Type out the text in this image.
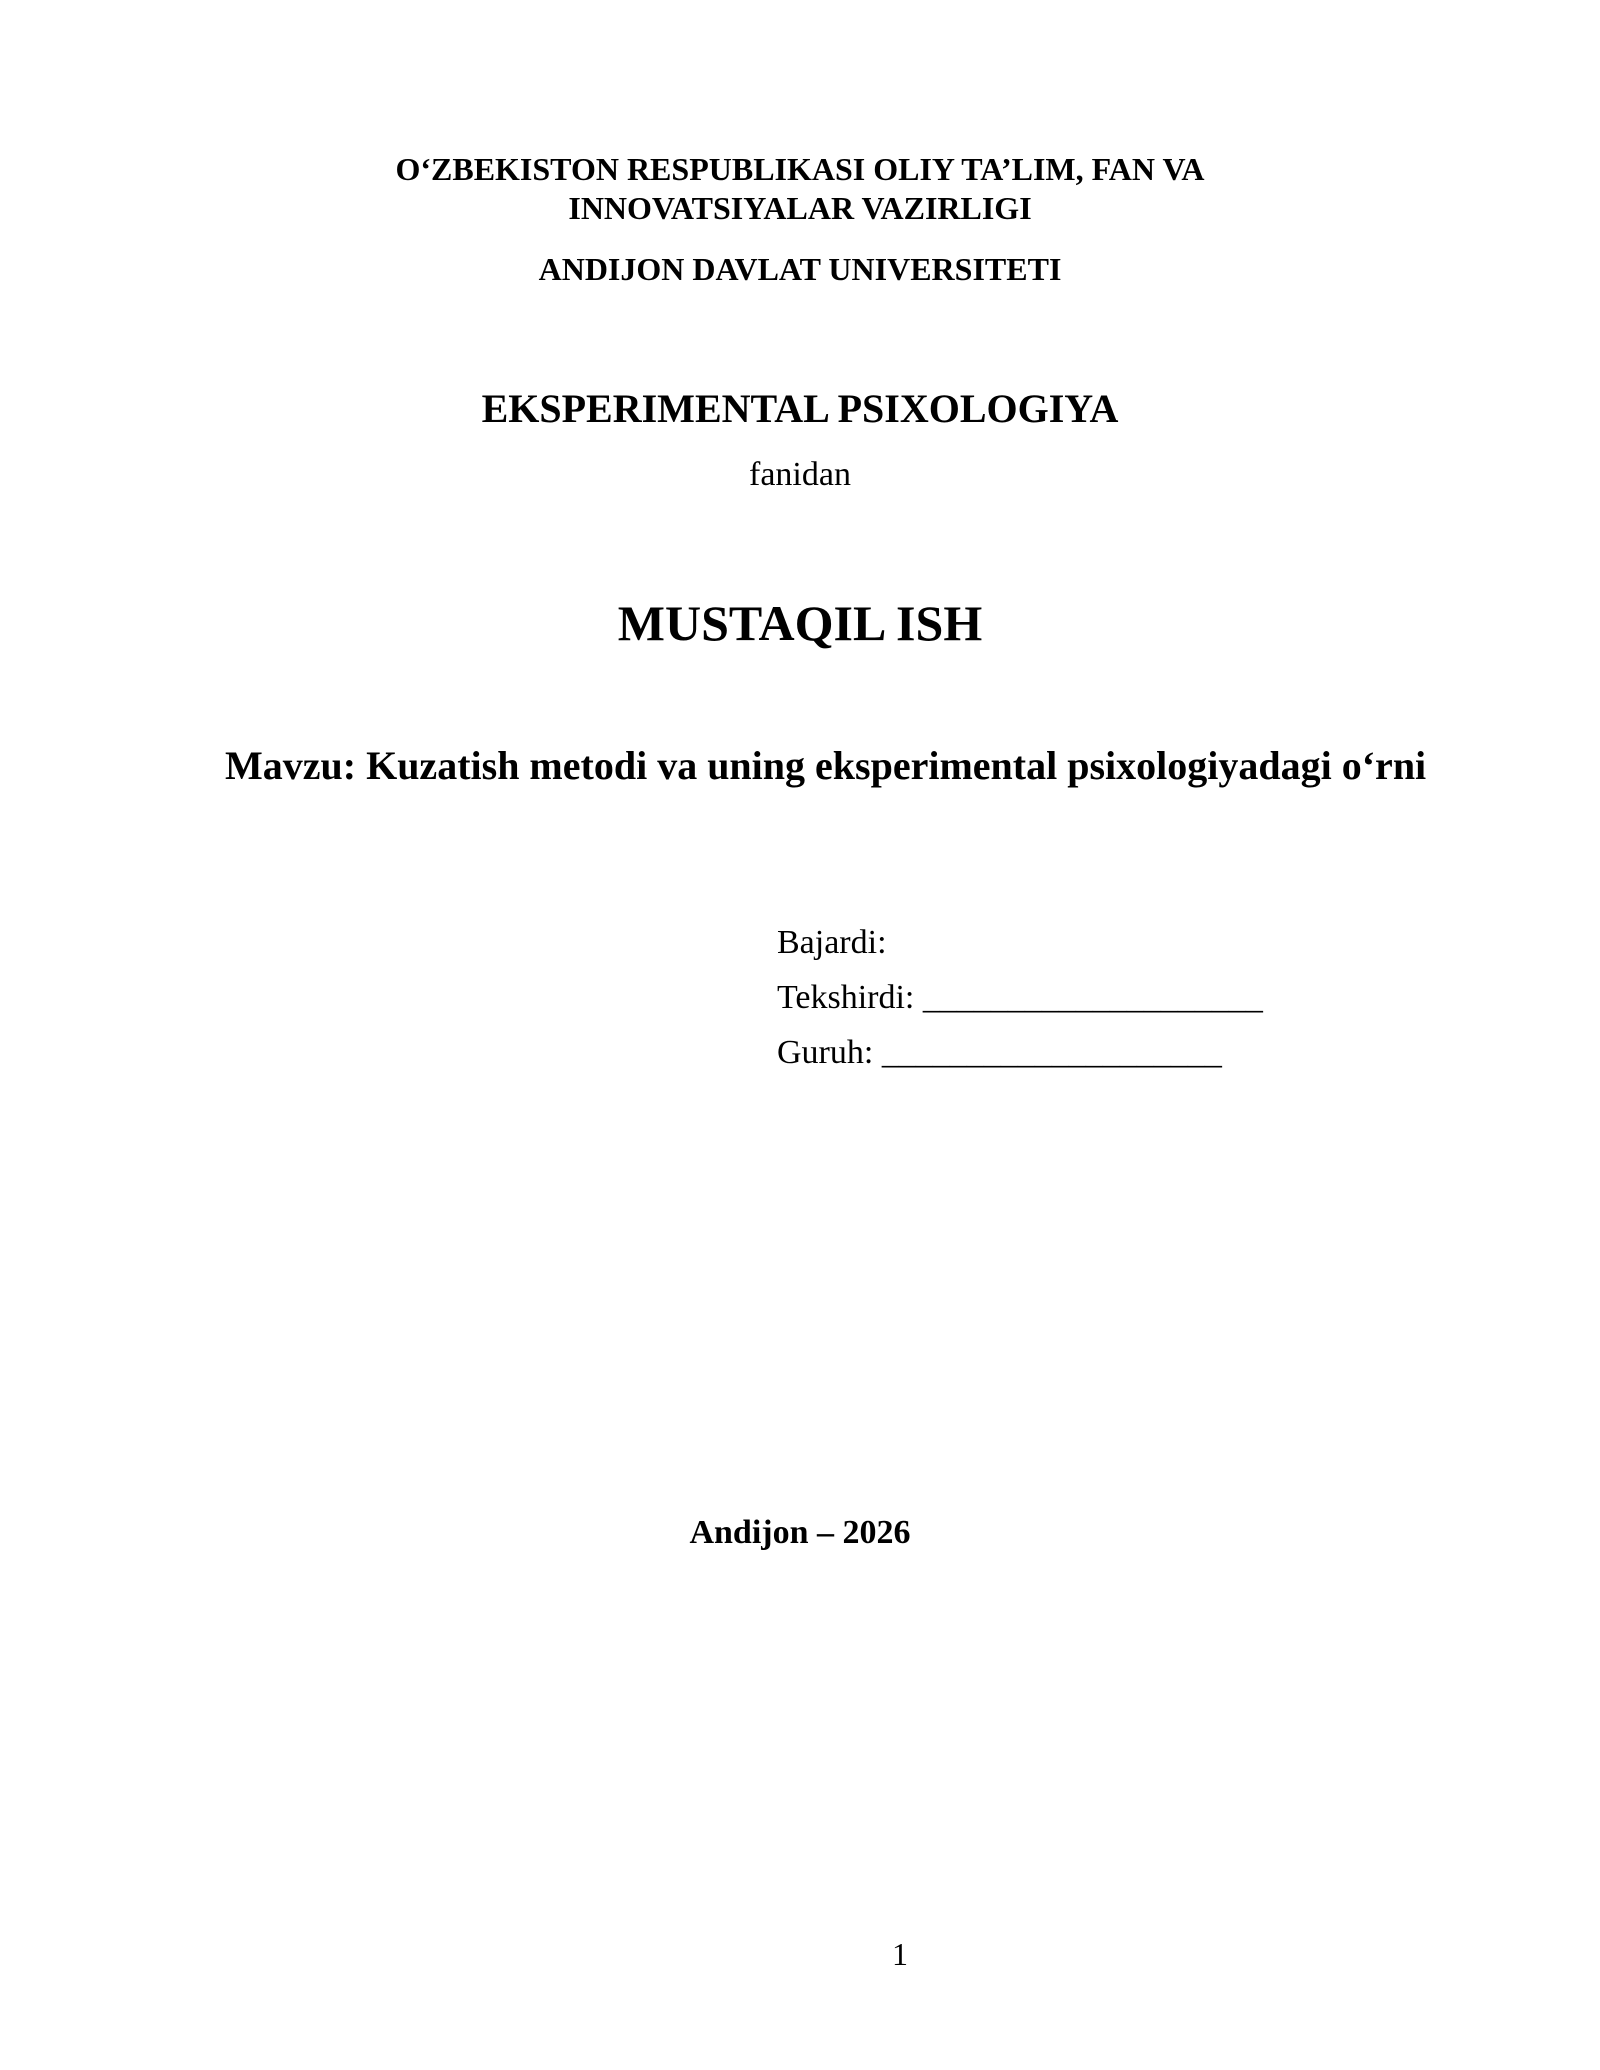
O‘ZBEKISTON RESPUBLIKASI OLIY TA’LIM, FAN VA
INNOVATSIYALAR VAZIRLIGI
ANDIJON DAVLAT UNIVERSITETI
EKSPERIMENTAL PSIXOLOGIYA
fanidan
MUSTAQIL ISH
Mavzu: Kuzatish metodi va uning eksperimental psixologiyadagi o‘rni
Bajardi:
Tekshirdi: ____________________
Guruh: ____________________
Andijon – 2026
1
